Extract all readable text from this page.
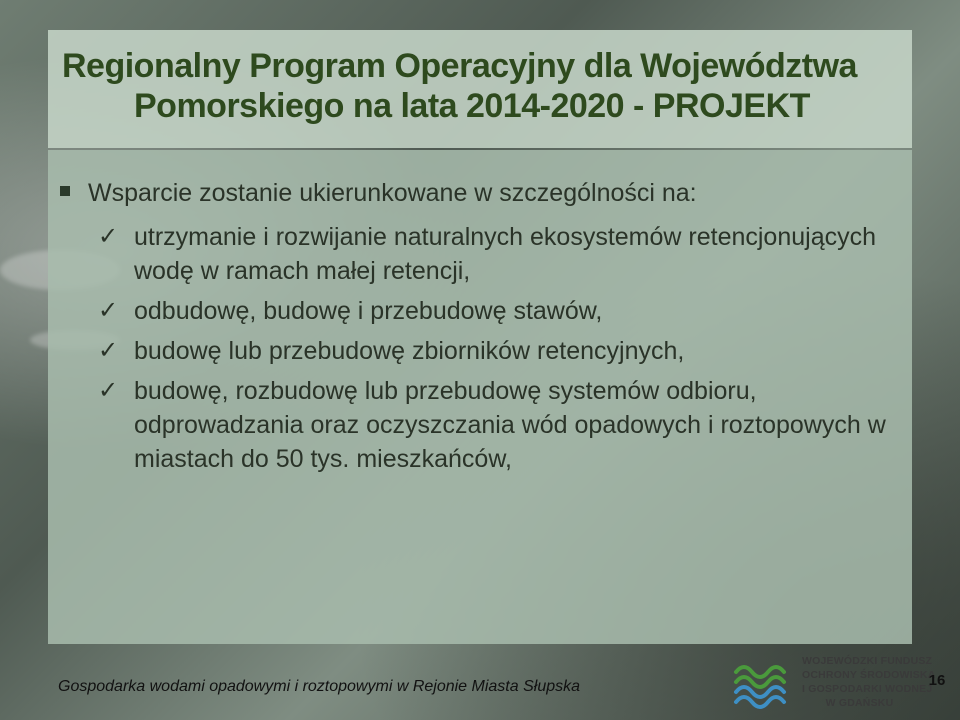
Regionalny Program Operacyjny dla Województwa
Pomorskiego na lata 2014-2020 - PROJEKT
Wsparcie zostanie ukierunkowane w szczególności na:
✓ utrzymanie i rozwijanie naturalnych ekosystemów retencjonujących wodę w ramach małej retencji,
✓ odbudowę, budowę i przebudowę stawów,
✓ budowę lub przebudowę zbiorników retencyjnych,
✓ budowę, rozbudowę lub przebudowę systemów odbioru, odprowadzania oraz oczyszczania wód opadowych i roztopowych w miastach do 50 tys. mieszkańców,
Gospodarka wodami opadowymi i roztopowymi w Rejonie Miasta Słupska
WOJEWÓDZKI FUNDUSZ
OCHRONY ŚRODOWISKA
I GOSPODARKI WODNEJ
W GDAŃSKU
16
